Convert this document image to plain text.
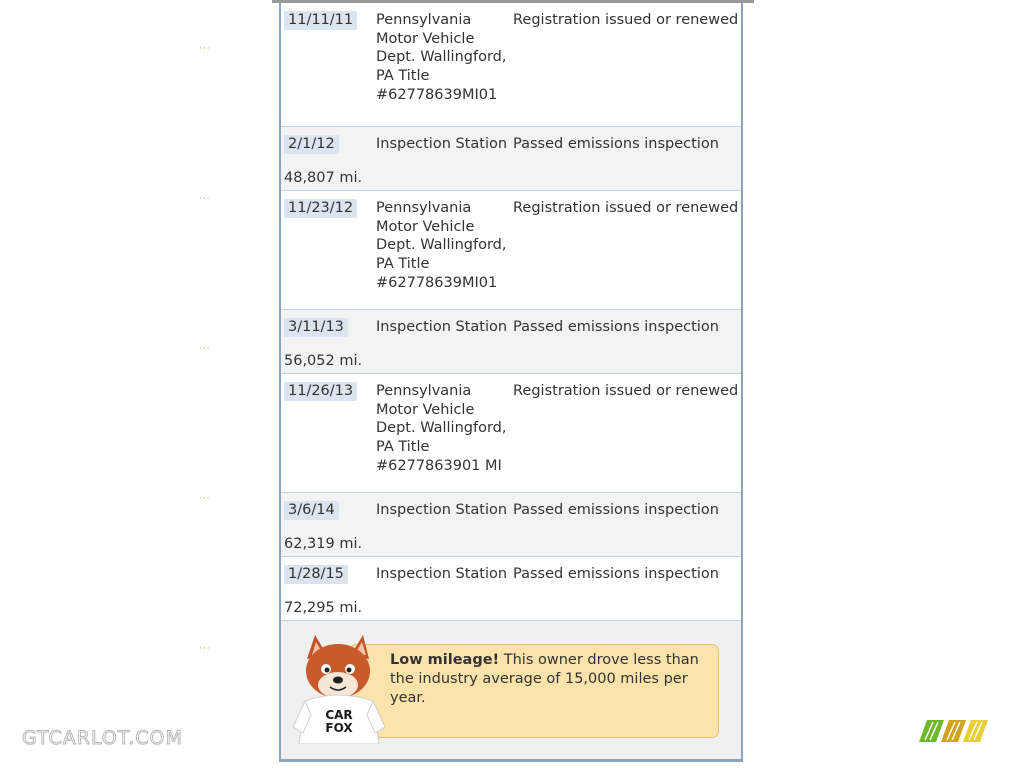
···
···
···
···
···
11/11/11 Pennsylvania Motor Vehicle Dept. Wallingford, PA Title #62778639MI01
Registration issued or renewed
2/1/12	Inspection Station Passed emissions inspection
48,807 mi.
11/23/12 Pennsylvania Motor Vehicle Dept. Wallingford, PA Title #62778639MI01
Registration issued or renewed
3/11/13 Inspection Station Passed emissions inspection
56,052 mi.
11/26/13 Pennsylvania Motor Vehicle Dept. Wallingford, PA Title #6277863901 MI
Registration issued or renewed
3/6/14	Inspection Station Passed emissions inspection
62,319 mi.
1/28/15 Inspection Station Passed emissions inspection
72,295 mi.
Low mileage! This owner drove less than the industry average of 15,000 miles per year.
CAR
FOX
GTCARLOT.COM
